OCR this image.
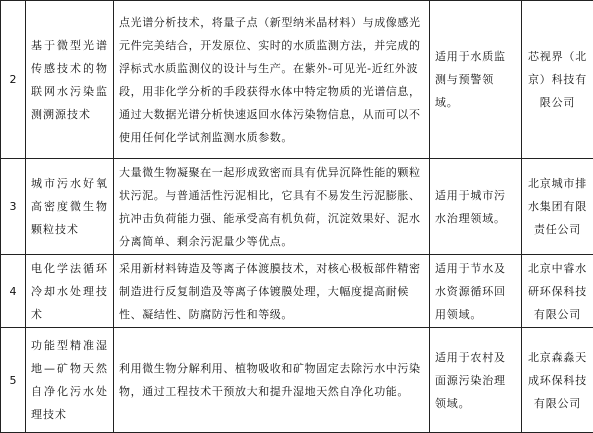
2	基于微型光谱传感技术的物联网水污染监测溯源技术	点光谱分析技术，将量子点（新型纳米晶材料）与成像感光元件完美结合，开发原位、实时的水质监测方法，并完成的浮标式水质监测仪的设计与生产。在紫外-可见光-近红外波段，用非化学分析的手段获得水体中特定物质的光谱信息，通过大数据光谱分析快速返回水体污染物信息，从而可以不使用任何化学试剂监测水质参数。	适用于水质监测与预警领域。	芯视界（北京）科技有限公司
3	城市污水好氧高密度微生物颗粒技术	大量微生物凝聚在一起形成致密而具有优异沉降性能的颗粒状污泥。与普通活性污泥相比，它具有不易发生污泥膨胀、抗冲击负荷能力强、能承受高有机负荷，沉淀效果好、泥水分离简单、剩余污泥量少等优点。	适用于城市污水治理领域。	北京城市排水集团有限责任公司
4	电化学法循环冷却水处理技术	采用新材料铸造及等离子体渡膜技术，对核心极板部件精密制造进行反复制造及等离子体镀膜处理，大幅度提高耐候性、凝结性、防腐防污性和等级。	适用于节水及水资源循环回用领域。	北京中睿水研环保科技有限公司
5	功能型精准湿地—矿物天然自净化污水处理技术	利用微生物分解利用、植物吸收和矿物固定去除污水中污染物，通过工程技术干预放大和提升湿地天然自净化功能。	适用于农村及面源污染治理领域。	北京森淼天成环保科技有限公司
